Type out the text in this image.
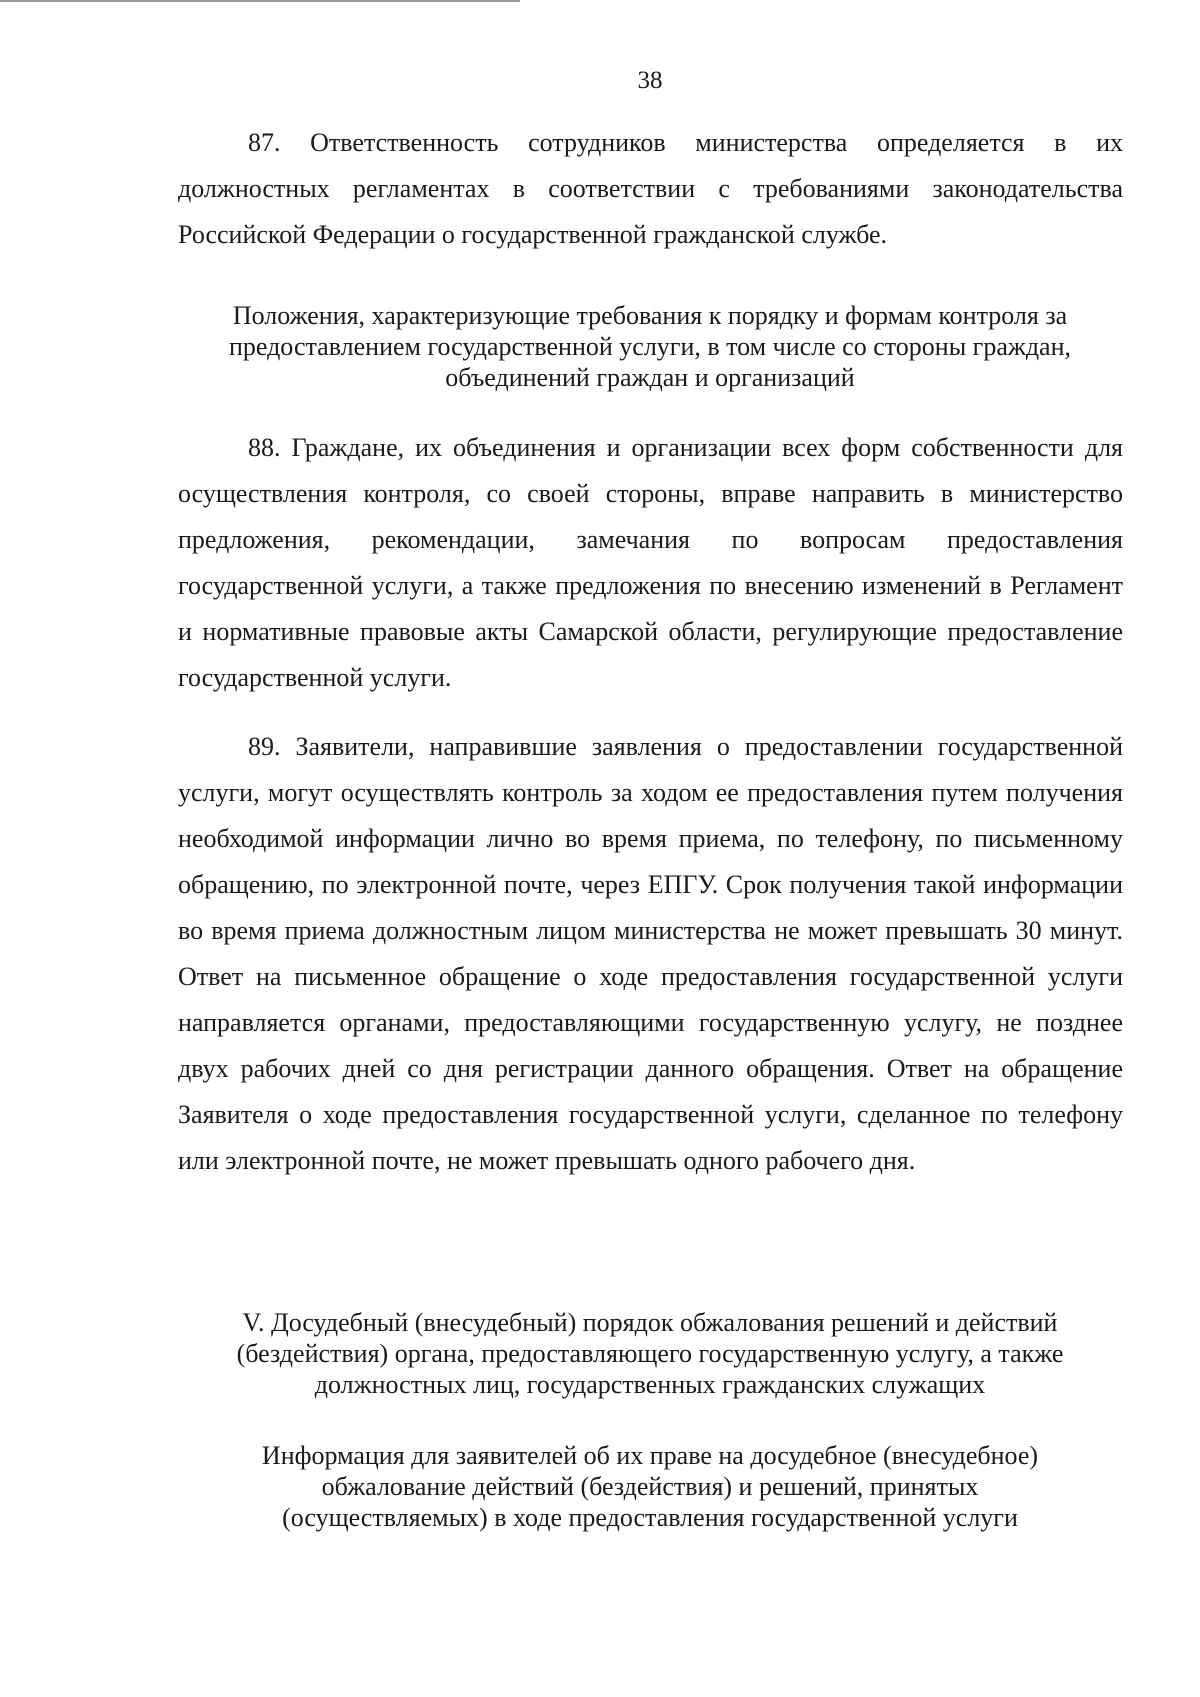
38

87. Ответственность сотрудников министерства определяется в их должностных регламентах в соответствии с требованиями законодательства Российской Федерации о государственной гражданской службе.

Положения, характеризующие требования к порядку и формам контроля за
предоставлением государственной услуги, в том числе со стороны граждан,
объединений граждан и организаций

88. Граждане, их объединения и организации всех форм собственности для осуществления контроля, со своей стороны, вправе направить в министерство предложения, рекомендации, замечания по вопросам предоставления государственной услуги, а также предложения по внесению изменений в Регламент и нормативные правовые акты Самарской области, регулирующие предоставление государственной услуги.

89. Заявители, направившие заявления о предоставлении государственной услуги, могут осуществлять контроль за ходом ее предоставления путем получения необходимой информации лично во время приема, по телефону, по письменному обращению, по электронной почте, через ЕПГУ. Срок получения такой информации во время приема должностным лицом министерства не может превышать 30 минут. Ответ на письменное обращение о ходе предоставления государственной услуги направляется органами, предоставляющими государственную услугу, не позднее двух рабочих дней со дня регистрации данного обращения. Ответ на обращение Заявителя о ходе предоставления государственной услуги, сделанное по телефону или электронной почте, не может превышать одного рабочего дня.

V. Досудебный (внесудебный) порядок обжалования решений и действий
(бездействия) органа, предоставляющего государственную услугу, а также
должностных лиц, государственных гражданских служащих
Информация для заявителей об их праве на досудебное (внесудебное)
обжалование действий (бездействия) и решений, принятых
(осуществляемых) в ходе предоставления государственной услуги
